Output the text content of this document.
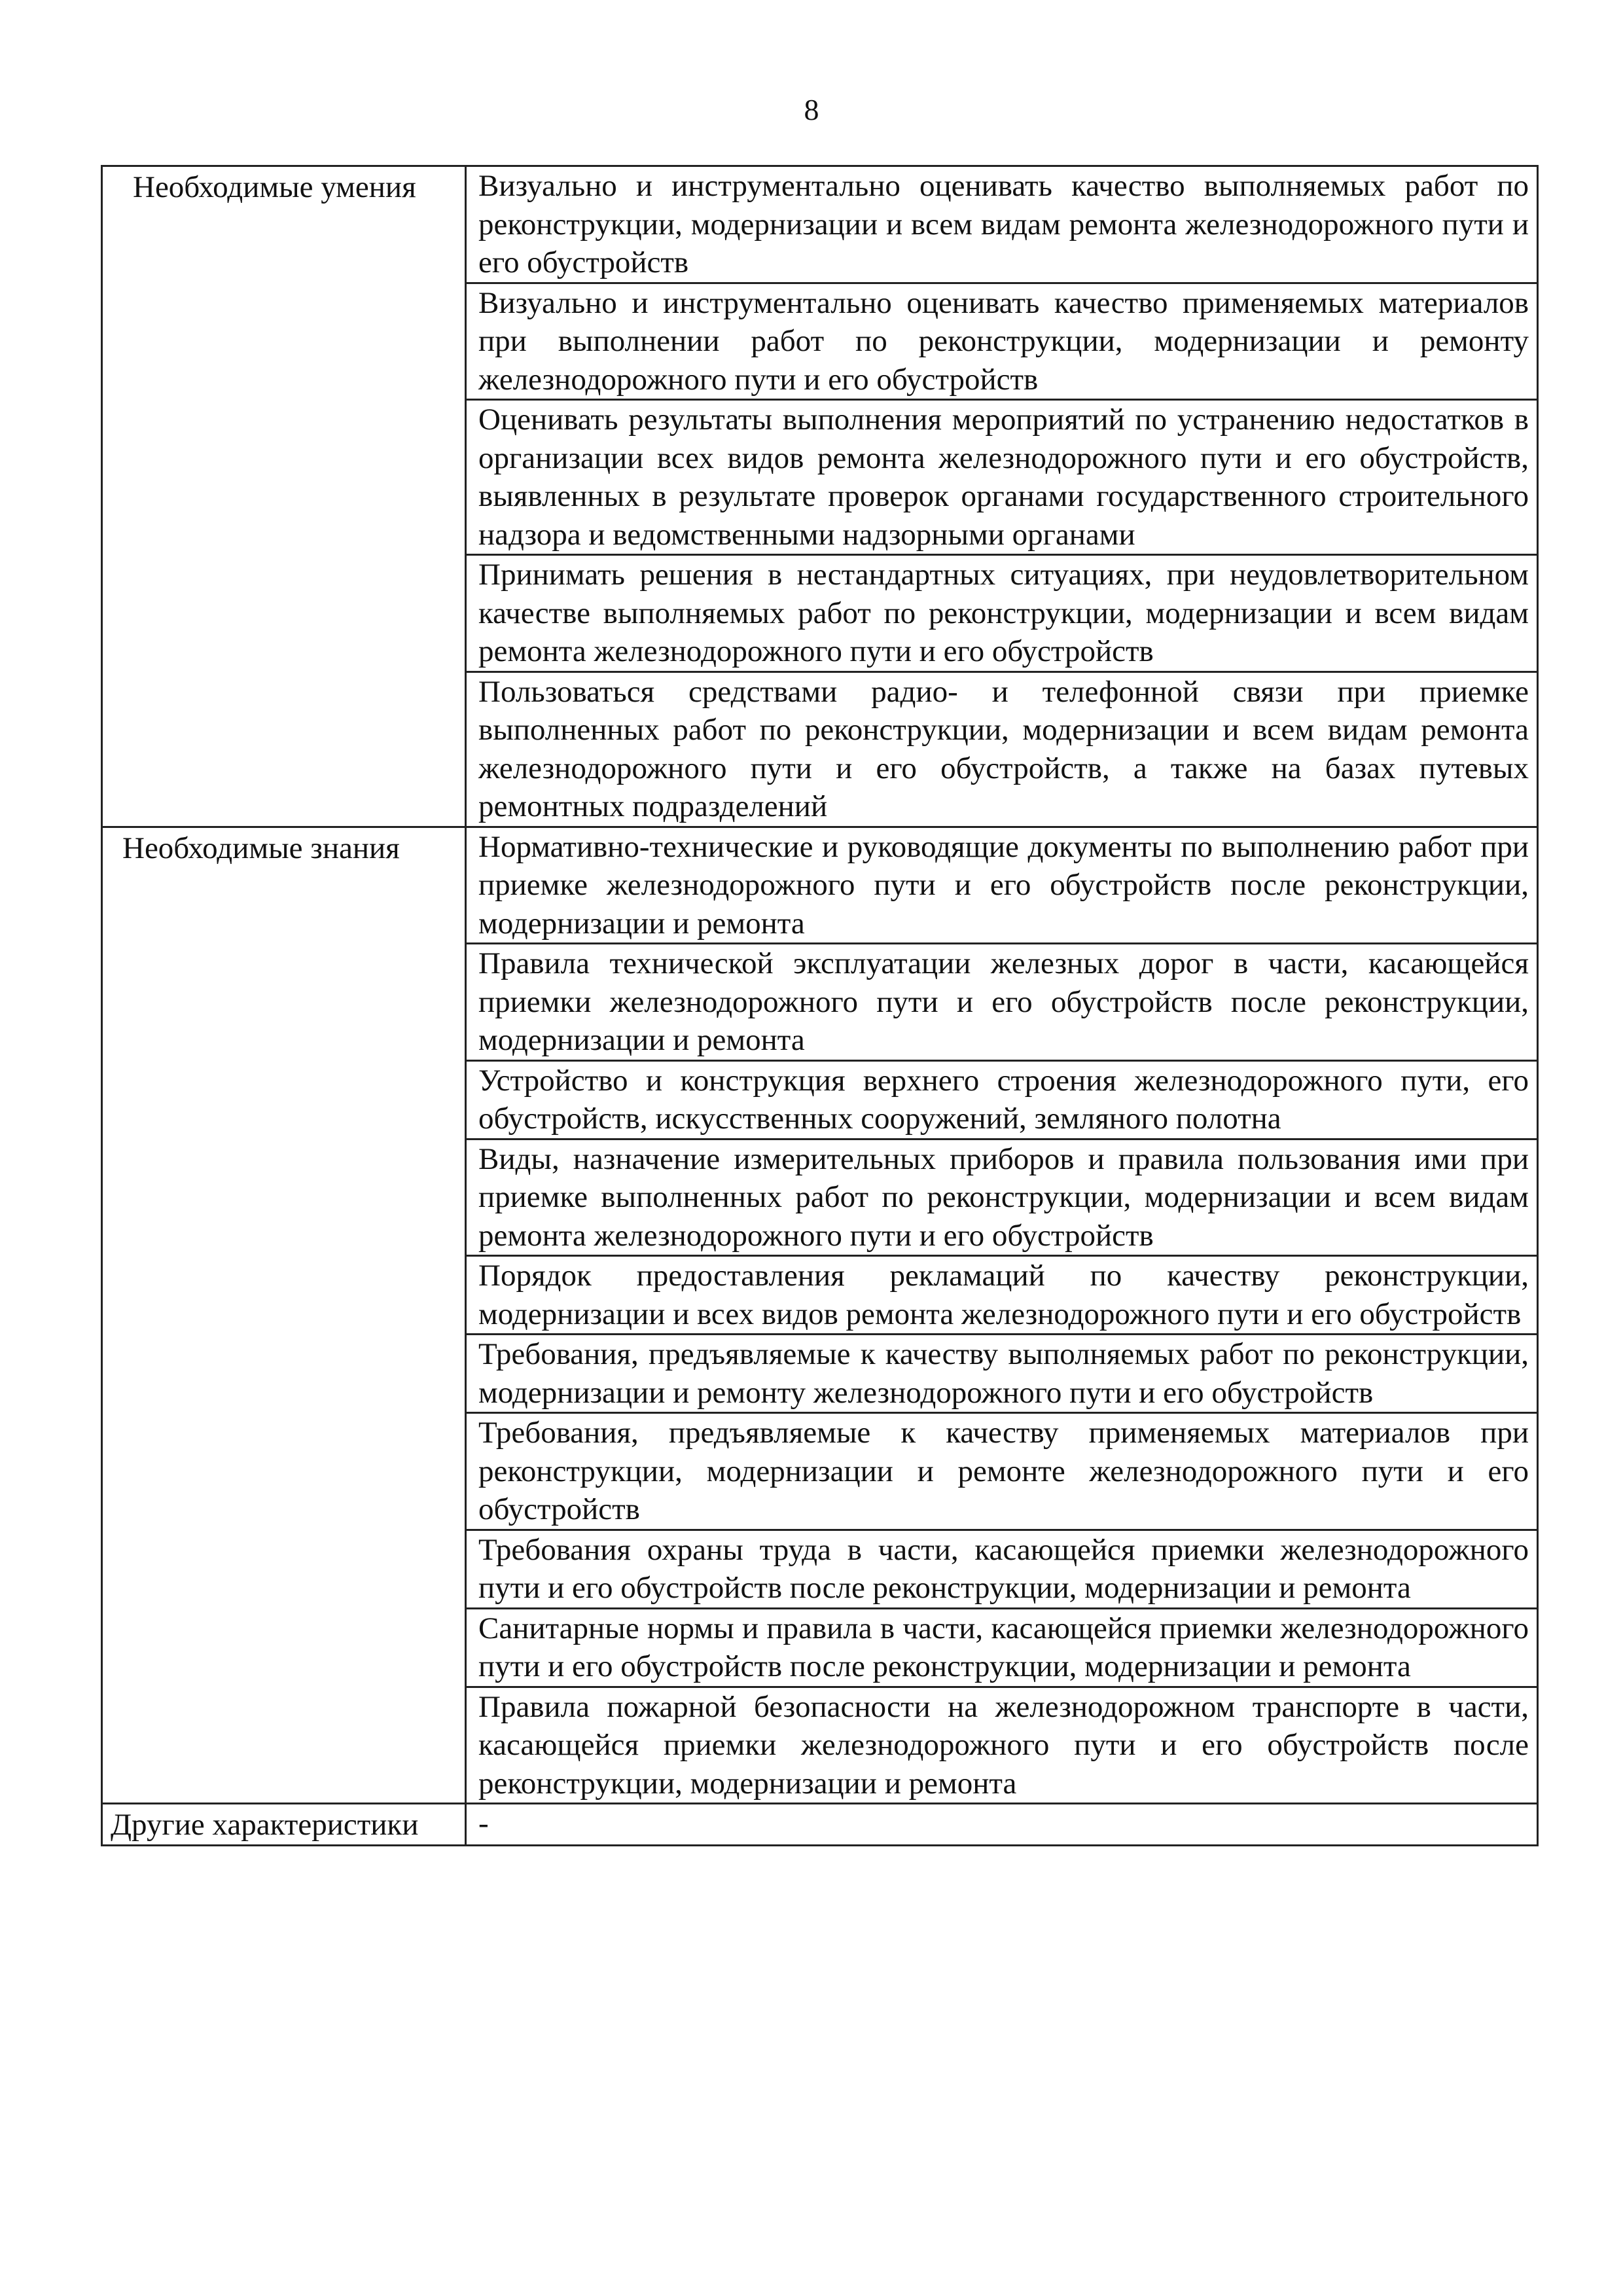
8
Необходимые умения	Визуально и инструментально оценивать качество выполняемых работ по реконструкции, модернизации и всем видам ремонта железнодорожного пути и его обустройств
	Визуально и инструментально оценивать качество применяемых материалов при выполнении работ по реконструкции, модернизации и ремонту железнодорожного пути и его обустройств
	Оценивать результаты выполнения мероприятий по устранению недостатков в организации всех видов ремонта железнодорожного пути и его обустройств, выявленных в результате проверок органами государственного строительного надзора и ведомственными надзорными органами
	Принимать решения в нестандартных ситуациях, при неудовлетворительном качестве выполняемых работ по реконструкции, модернизации и всем видам ремонта железнодорожного пути и его обустройств
	Пользоваться средствами радио- и телефонной связи при приемке выполненных работ по реконструкции, модернизации и всем видам ремонта железнодорожного пути и его обустройств, а также на базах путевых ремонтных подразделений
Необходимые знания	Нормативно-технические и руководящие документы по выполнению работ при приемке железнодорожного пути и его обустройств после реконструкции, модернизации и ремонта
	Правила технической эксплуатации железных дорог в части, касающейся приемки железнодорожного пути и его обустройств после реконструкции, модернизации и ремонта
	Устройство и конструкция верхнего строения железнодорожного пути, его обустройств, искусственных сооружений, земляного полотна
	Виды, назначение измерительных приборов и правила пользования ими при приемке выполненных работ по реконструкции, модернизации и всем видам ремонта железнодорожного пути и его обустройств
	Порядок предоставления рекламаций по качеству реконструкции, модернизации и всех видов ремонта железнодорожного пути и его обустройств
	Требования, предъявляемые к качеству выполняемых работ по реконструкции, модернизации и ремонту железнодорожного пути и его обустройств
	Требования, предъявляемые к качеству применяемых материалов при реконструкции, модернизации и ремонте железнодорожного пути и его обустройств
	Требования охраны труда в части, касающейся приемки железнодорожного пути и его обустройств после реконструкции, модернизации и ремонта
	Санитарные нормы и правила в части, касающейся приемки железнодорожного пути и его обустройств после реконструкции, модернизации и ремонта
	Правила пожарной безопасности на железнодорожном транспорте в части, касающейся приемки железнодорожного пути и его обустройств после реконструкции, модернизации и ремонта
Другие характеристики	-
